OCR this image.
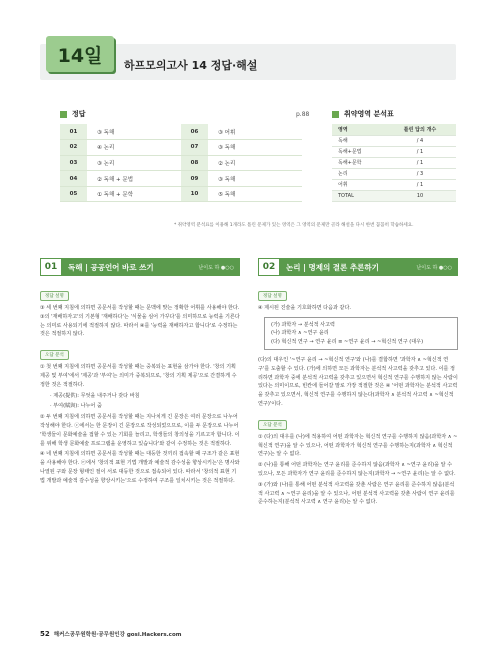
14일 하프모의고사 14 정답·해설
정답	p.88
01	③ 독해	06	③ 어휘
02	④ 논리	07	③ 독해
03	③ 논리	08	② 논리
04	② 독해 + 문법	09	③ 독해
05	① 독해 + 문학	10	⑤ 독해
취약영역 분석표
영역	틀린 답의 개수
독해	/ 4
독해+문법	/ 1
독해+문학	/ 1
논리	/ 3
어휘	/ 1
TOTAL	10
* 취약영역 분석표를 이용해 1개라도 틀린 문제가 있는 영역은 그 영역의 문제만 골라 해설을 다시 한번 꼼꼼히 학습하세요.
01	독해 | 공공언어 바로 쓰기	난이도 하 ●○○
정답 설명
③ 세 번째 지침에 의하면 공문서를 작성할 때는 문맥에 맞는 정확한 어휘를 사용해야 한다. ③의 '재배하자고'의 기본형 '재배하다'는 '식물을 심어 가꾸다'를 의미하므로 능력을 기른다는 의미로 사용되기에 적절하지 않다. 따라서 ④를 '능력을 재배하자고 합니다'로 수정하는 것은 적절하지 않다.
오답 분석
① 첫 번째 지침에 의하면 공문서를 작성할 때는 중복되는 표현을 삼가야 한다. '창의 기획 제공 및 부여'에서 '제공'과 '부여'는 의미가 중복되므로, '창의 기획 제공'으로 간결하게 수정한 것은 적절하다.
· 제공(提供): 무엇을 내주거나 갖다 바침
· 부여(賦與): 나누어 줌
② 두 번째 지침에 의하면 공문서를 작성할 때는 지나치게 긴 문장은 여러 문장으로 나누어 작성해야 한다. ⓒ에서는 한 문장이 긴 문장으로 작성되었으므로, 이를 두 문장으로 나누어 '학생들이 문화예술을 접할 수 있는 기회를 늘리고, 학생들의 창의성을 기르고자 합니다. 이를 위해 학생 문화예술 프로그램을 운영하고 있습니다'와 같이 수정하는 것은 적절하다.
④ 네 번째 지침에 의하면 공문서를 작성할 때는 대등한 것끼리 접속할 때 구조가 같은 표현을 사용해야 한다. ⓔ에서 '창의적 표현 기법 개발과 예술적 감수성을 향상시키는'은 명사와 나열된 구와 문장 형태인 절이 서로 대등한 것으로 접속되어 있다. 따라서 '창의적 표현 기법 개발과 예술적 감수성을 향상시키는'으로 수정하여 구조를 일치시키는 것은 적절하다.
02	논리 | 명제의 결론 추론하기	난이도 하 ●○○
정답 설명
④ 제시된 진술을 기호화하면 다음과 같다.
(가) 과학자 → 분석적 사고력
(나) 과학자 ∧ ~연구 윤리
(다) 혁신적 연구 → 연구 윤리 ≡ ~연구 윤리 → ~혁신적 연구 (대우)
(다)의 대우인 '~연구 윤리 → ~혁신적 연구'와 (나)를 결합하면 '과학자 ∧ ~혁신적 연구'를 도출할 수 있다. (가)에 의하면 모든 과학자는 분석적 사고력을 갖추고 있다. 이를 정리하면 과학자 중에 분석적 사고력을 갖추고 있으면서 혁신적 연구를 수행하지 않는 사람이 있다는 의미이므로, 빈칸에 들어갈 말로 가장 적절한 것은 ④ '어떤 과학자는 분석적 사고력을 갖추고 있으면서, 혁신적 연구를 수행하지 않는다(과학자 ∧ 분석적 사고력 ∧ ~혁신적 연구)'이다.
오답 분석
① (다)의 대우를 (나)에 적용하여 어떤 과학자는 혁신적 연구를 수행하지 않음(과학자 ∧ ~혁신적 연구)을 알 수 있으나, 어떤 과학자가 혁신적 연구를 수행하는지(과학자 ∧ 혁신적 연구)는 알 수 없다.
② (나)를 통해 어떤 과학자는 연구 윤리를 준수하지 않음(과학자 ∧ ~연구 윤리)을 알 수 있으나, 모든 과학자가 연구 윤리를 준수하지 않는지(과학자 → ~연구 윤리)는 알 수 없다.
③ (가)와 (나)를 통해 어떤 분석적 사고력을 갖춘 사람은 연구 윤리를 준수하지 않음(분석적 사고력 ∧ ~연구 윤리)을 알 수 있으나, 어떤 분석적 사고력을 갖춘 사람이 연구 윤리를 준수하는지(분석적 사고력 ∧ 연구 윤리)는 알 수 없다.
52 해커스공무원학원·공무원인강 gosi.Hackers.com
